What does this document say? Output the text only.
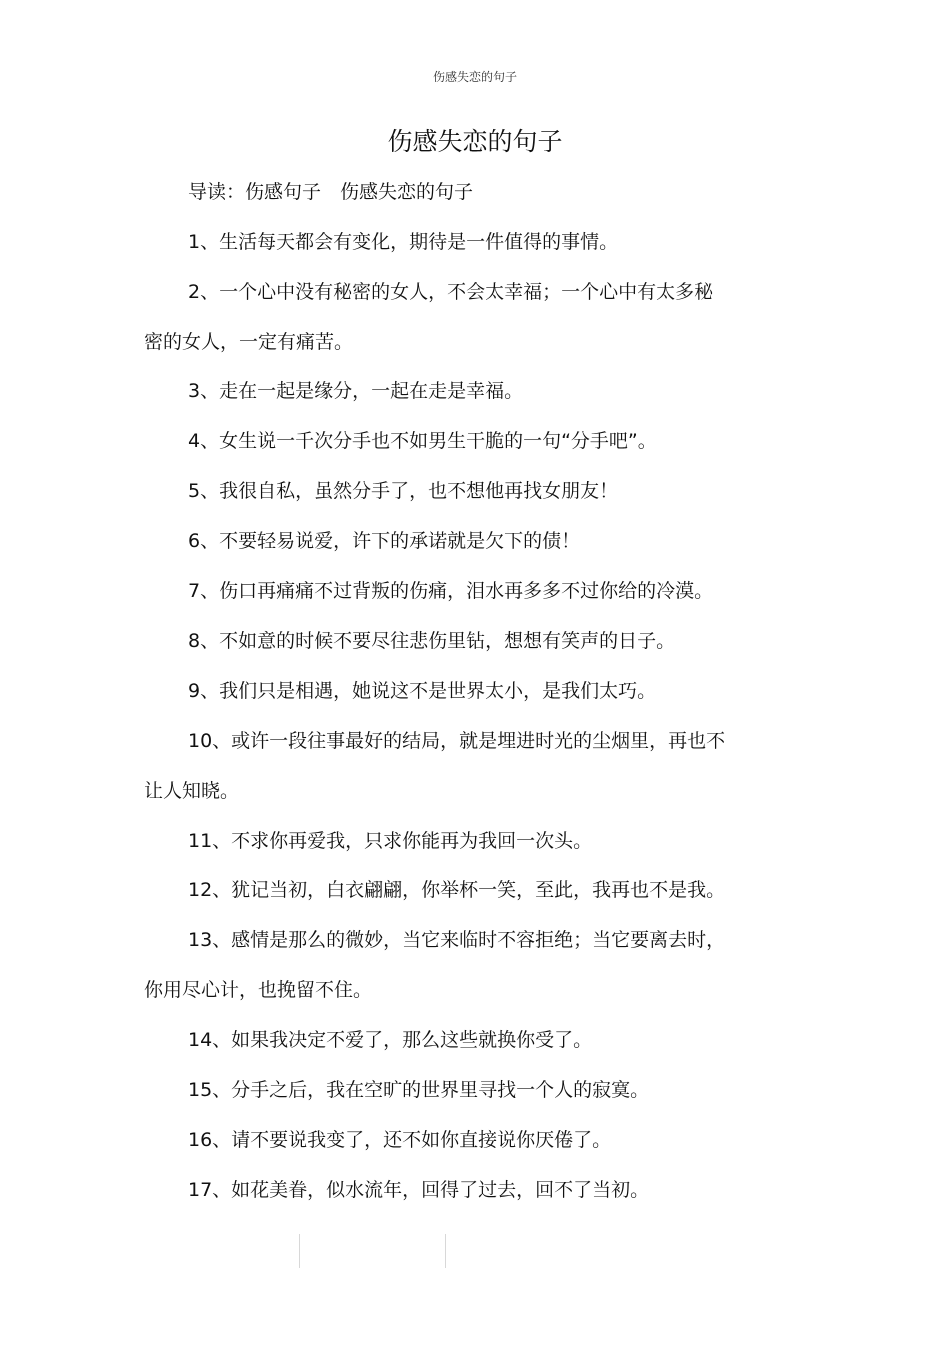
伤感失恋的句子
伤感失恋的句子
导读：伤感句子　伤感失恋的句子
1、生活每天都会有变化，期待是一件值得的事情。
2、一个心中没有秘密的女人，不会太幸福；一个心中有太多秘
密的女人，一定有痛苦。
3、走在一起是缘分，一起在走是幸福。
4、女生说一千次分手也不如男生干脆的一句“分手吧”。
5、我很自私，虽然分手了，也不想他再找女朋友！
6、不要轻易说爱，许下的承诺就是欠下的债！
7、伤口再痛痛不过背叛的伤痛，泪水再多多不过你给的冷漠。
8、不如意的时候不要尽往悲伤里钻，想想有笑声的日子。
9、我们只是相遇，她说这不是世界太小，是我们太巧。
10、或许一段往事最好的结局，就是埋进时光的尘烟里，再也不
让人知晓。
11、不求你再爱我，只求你能再为我回一次头。
12、犹记当初，白衣翩翩，你举杯一笑，至此，我再也不是我。
13、感情是那么的微妙，当它来临时不容拒绝；当它要离去时，
你用尽心计，也挽留不住。
14、如果我决定不爱了，那么这些就换你受了。
15、分手之后，我在空旷的世界里寻找一个人的寂寞。
16、请不要说我变了，还不如你直接说你厌倦了。
17、如花美眷，似水流年，回得了过去，回不了当初。
